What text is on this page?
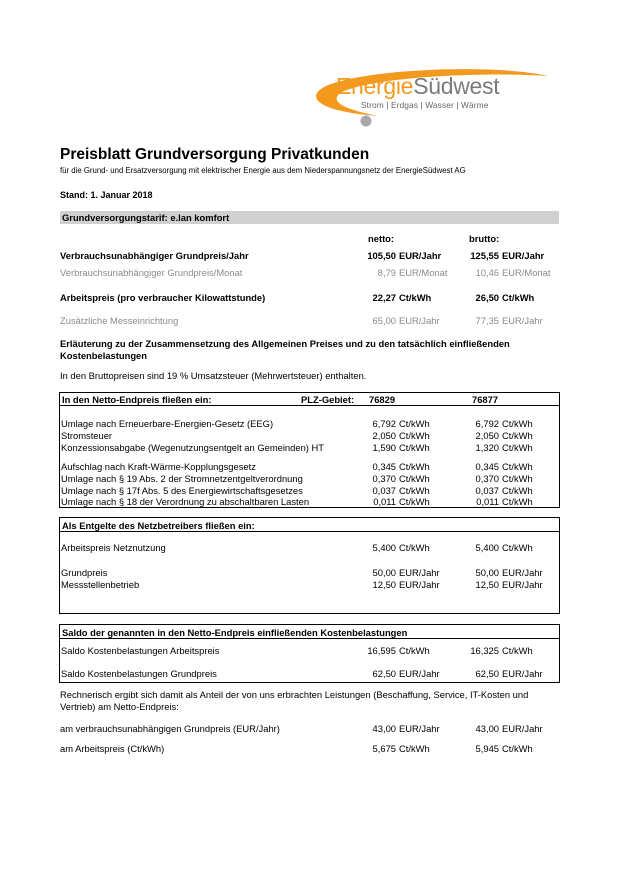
EnergieSüdwest
Strom | Erdgas | Wasser | Wärme
Preisblatt Grundversorgung Privatkunden
für die Grund- und Ersatzversorgung mit elektrischer Energie aus dem Niederspannungsnetz der EnergieSüdwest AG
Stand: 1. Januar 2018
Grundversorgungstarif: e.lan komfort
netto:	brutto:
Verbrauchsunabhängiger Grundpreis/Jahr	105,50 EUR/Jahr	125,55 EUR/Jahr
Verbrauchsunabhängiger Grundpreis/Monat	8,79 EUR/Monat	10,46 EUR/Monat
Arbeitspreis (pro verbraucher Kilowattstunde)	22,27 Ct/kWh	26,50 Ct/kWh
Zusätzliche Messeinrichtung	65,00 EUR/Jahr	77,35 EUR/Jahr
Erläuterung zu der Zusammensetzung des Allgemeinen Preises und zu den tatsächlich einfließenden
Kostenbelastungen
In den Bruttopreisen sind 19 % Umsatzsteuer (Mehrwertsteuer) enthalten.
In den Netto-Endpreis fließen ein:	PLZ-Gebiet: 76829	76877
Umlage nach Erneuerbare-Energien-Gesetz (EEG)	6,792 Ct/kWh	6,792 Ct/kWh
Stromsteuer	2,050 Ct/kWh	2,050 Ct/kWh
Konzessionsabgabe (Wegenutzungsentgelt an Gemeinden) HT	1,590 Ct/kWh	1,320 Ct/kWh
Aufschlag nach Kraft-Wärme-Kopplungsgesetz	0,345 Ct/kWh	0,345 Ct/kWh
Umlage nach § 19 Abs. 2 der Stromnetzentgeltverordnung	0,370 Ct/kWh	0,370 Ct/kWh
Umlage nach § 17f Abs. 5 des Energiewirtschaftsgesetzes	0,037 Ct/kWh	0,037 Ct/kWh
Umlage nach § 18 der Verordnung zu abschaltbaren Lasten	0,011 Ct/kWh	0,011 Ct/kWh
Als Entgelte des Netzbetreibers fließen ein:
Arbeitspreis Netznutzung	5,400 Ct/kWh	5,400 Ct/kWh
Grundpreis	50,00 EUR/Jahr	50,00 EUR/Jahr
Messstellenbetrieb	12,50 EUR/Jahr	12,50 EUR/Jahr
Saldo der genannten in den Netto-Endpreis einfließenden Kostenbelastungen
Saldo Kostenbelastungen Arbeitspreis	16,595 Ct/kWh	16,325 Ct/kWh
Saldo Kostenbelastungen Grundpreis	62,50 EUR/Jahr	62,50 EUR/Jahr
Rechnerisch ergibt sich damit als Anteil der von uns erbrachten Leistungen (Beschaffung, Service, IT-Kosten und
Vertrieb) am Netto-Endpreis:
am verbrauchsunabhängigen Grundpreis (EUR/Jahr)	43,00 EUR/Jahr	43,00 EUR/Jahr
am Arbeitspreis (Ct/kWh)	5,675 Ct/kWh	5,945 Ct/kWh
